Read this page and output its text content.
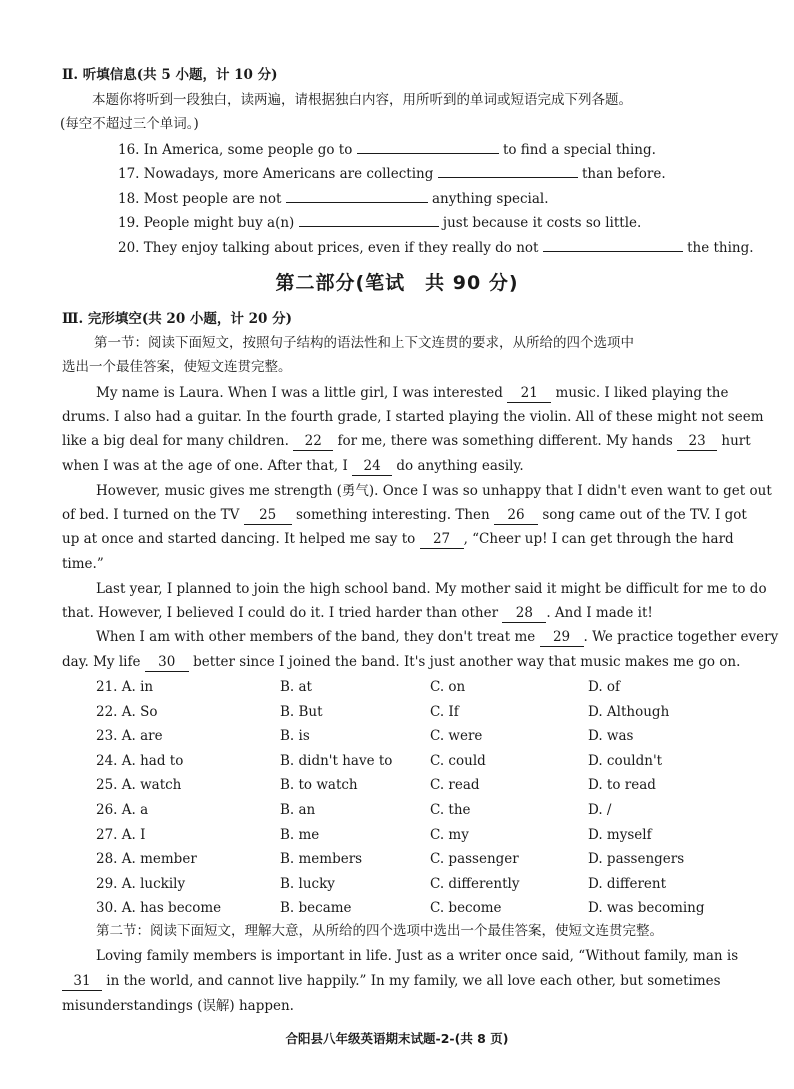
Ⅱ. 听填信息(共 5 小题，计 10 分)
本题你将听到一段独白，读两遍，请根据独白内容，用所听到的单词或短语完成下列各题。
(每空不超过三个单词。)
16. In America, some people go to	to find a special thing.
17. Nowadays, more Americans are collecting	than before.
18. Most people are not	anything special.
19. People might buy a(n)	just because it costs so little.
20. They enjoy talking about prices, even if they really do not	the thing.
第二部分(笔试　共 90 分)
Ⅲ. 完形填空(共 20 小题，计 20 分)
第一节：阅读下面短文，按照句子结构的语法性和上下文连贯的要求，从所给的四个选项中
选出一个最佳答案，使短文连贯完整。
My name is Laura. When I was a little girl, I was interested 21 music. I liked playing the
drums. I also had a guitar. In the fourth grade, I started playing the violin. All of these might not seem
like a big deal for many children. 22 for me, there was something different. My hands 23 hurt
when I was at the age of one. After that, I 24 do anything easily.
However, music gives me strength (勇气). Once I was so unhappy that I didn't even want to get out
of bed. I turned on the TV 25 something interesting. Then 26 song came out of the TV. I got
up at once and started dancing. It helped me say to 27 , “Cheer up! I can get through the hard
time.”
Last year, I planned to join the high school band. My mother said it might be difficult for me to do
that. However, I believed I could do it. I tried harder than other 28 . And I made it!
When I am with other members of the band, they don't treat me 29 . We practice together every
day. My life 30 better since I joined the band. It's just another way that music makes me go on.
21. A. in	B. at	C. on	D. of
22. A. So	B. But	C. If	D. Although
23. A. are	B. is	C. were	D. was
24. A. had to	B. didn't have to	C. could	D. couldn't
25. A. watch	B. to watch	C. read	D. to read
26. A. a	B. an	C. the	D. /
27. A. I	B. me	C. my	D. myself
28. A. member	B. members	C. passenger	D. passengers
29. A. luckily	B. lucky	C. differently	D. different
30. A. has become	B. became	C. become	D. was becoming
第二节：阅读下面短文，理解大意，从所给的四个选项中选出一个最佳答案，使短文连贯完整。
Loving family members is important in life. Just as a writer once said, “Without family, man is
31 in the world, and cannot live happily.” In my family, we all love each other, but sometimes
misunderstandings (误解) happen.
合阳县八年级英语期末试题-2-(共 8 页)
